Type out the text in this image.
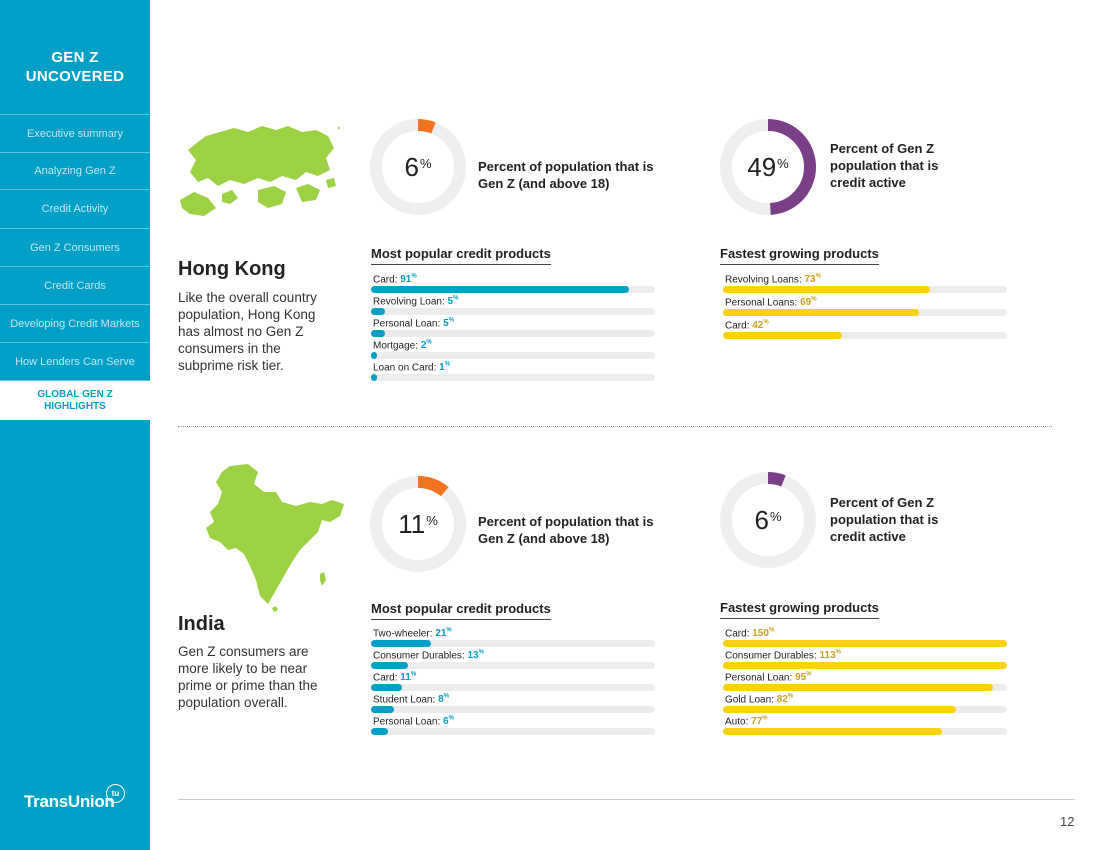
GEN Z UNCOVERED
Executive summary
Analyzing Gen Z
Credit Activity
Gen Z Consumers
Credit Cards
Developing Credit Markets
How Lenders Can Serve
GLOBAL GEN Z HIGHLIGHTS
TransUnion
tu
Hong Kong
Like the overall country population, Hong Kong has almost no Gen Z consumers in the subprime risk tier.
6%	Percent of population that is Gen Z (and above 18)
49%
Percent of Gen Z population that is credit active
Most popular credit products	Fastest growing products
Card: 91%
Revolving Loan: 5%
Personal Loan: 5%
Mortgage: 2%
Loan on Card: 1%
Revolving Loans: 73%
Personal Loans: 69%
Card: 42%
India
Gen Z consumers are more likely to be near prime or prime than the population overall.
11%	Percent of population that is Gen Z (and above 18)
6%
Percent of Gen Z population that is credit active
Most popular credit products	Fastest growing products
Two-wheeler: 21%
Consumer Durables: 13%
Card: 11%
Student Loan: 8%
Personal Loan: 6%
Card: 150%
Consumer Durables: 113%
Personal Loan: 95%
Gold Loan: 82%
Auto: 77%
12
